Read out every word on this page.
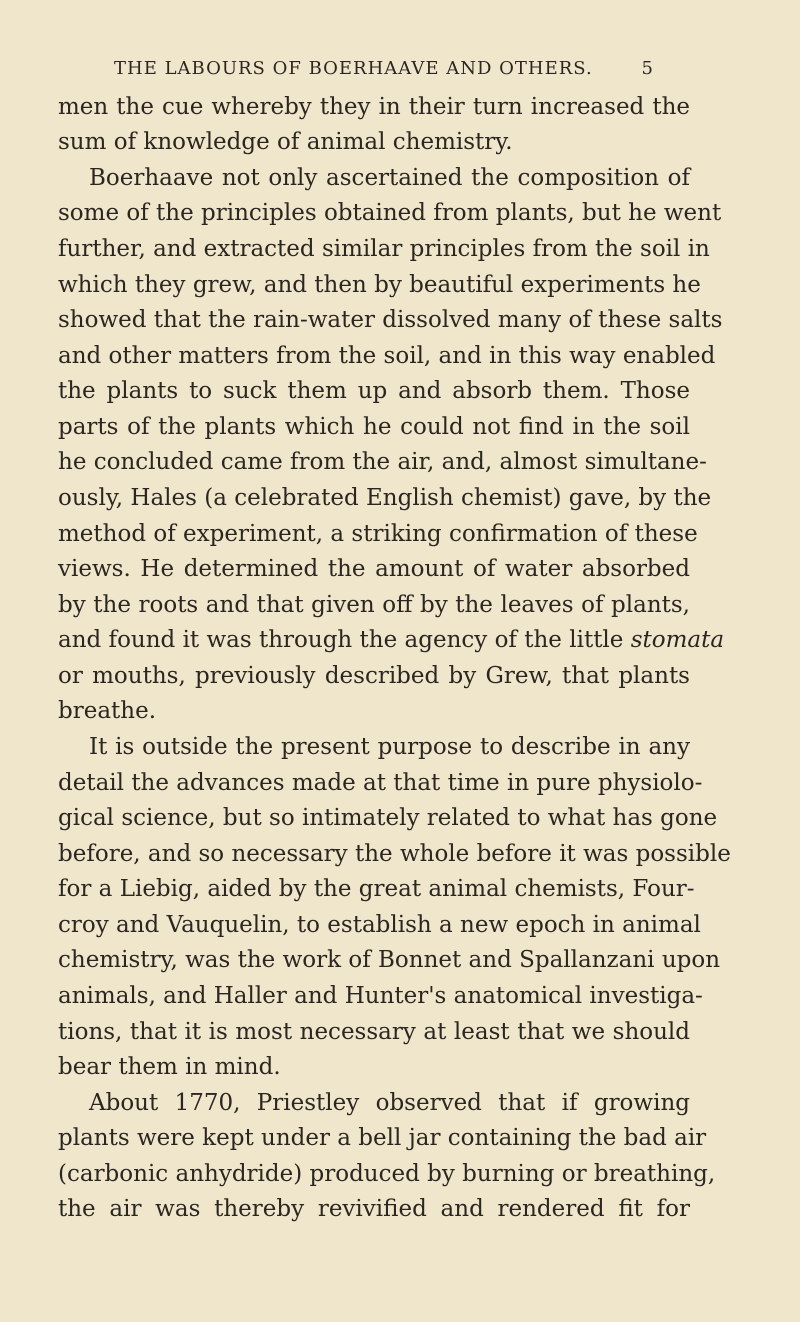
THE LABOURS OF BOERHAAVE AND OTHERS.	5
men the cue whereby they in their turn increased the
sum of knowledge of animal chemistry.
Boerhaave not only ascertained the composition of
some of the principles obtained from plants, but he went
further, and extracted similar principles from the soil in
which they grew, and then by beautiful experiments he
showed that the rain-water dissolved many of these salts
and other matters from the soil, and in this way enabled
the plants to suck them up and absorb them. Those
parts of the plants which he could not find in the soil
he concluded came from the air, and, almost simultane-
ously, Hales (a celebrated English chemist) gave, by the
method of experiment, a striking confirmation of these
views. He determined the amount of water absorbed
by the roots and that given off by the leaves of plants,
and found it was through the agency of the little stomata
or mouths, previously described by Grew, that plants
breathe.
It is outside the present purpose to describe in any
detail the advances made at that time in pure physiolo-
gical science, but so intimately related to what has gone
before, and so necessary the whole before it was possible
for a Liebig, aided by the great animal chemists, Four-
croy and Vauquelin, to establish a new epoch in animal
chemistry, was the work of Bonnet and Spallanzani upon
animals, and Haller and Hunter's anatomical investiga-
tions, that it is most necessary at least that we should
bear them in mind.
About 1770, Priestley observed that if growing
plants were kept under a bell jar containing the bad air
(carbonic anhydride) produced by burning or breathing,
the air was thereby revivified and rendered fit for
